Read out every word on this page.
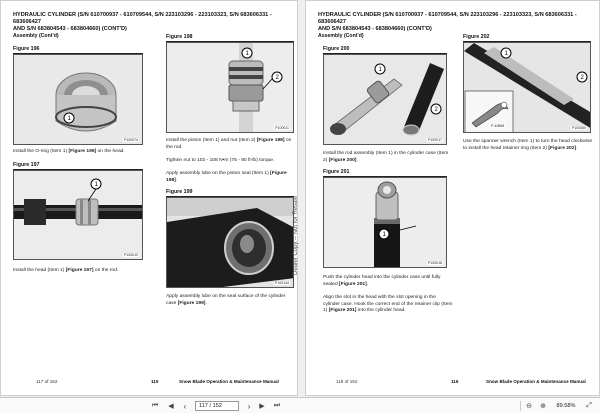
HYDRAULIC CYLINDER (S/N 610700937 - 610709544, S/N 223103296 - 223103323, S/N 683606331 - 683606427
AND S/N 683804543 - 683804660) (CONT'D)
Assembly (Cont'd)
Figure 196
1
P100074
Install the O-ring (Item 1) [Figure 196] on the head.
Figure 197
1
P100010
Install the head (Item 1) [Figure 197] on the rod.
Figure 198
1
2
P100011
Install the piston (Item 1) and nut (Item 2) [Figure 198] on the rod.
Tighten nut to 102 - 108 N•m (75 - 80 ft-lb) torque.
Apply assembly lube on the piston seal (Item 1) [Figure 198].
Figure 199
P100144
Apply assembly lube on the seal surface of the cylinder case [Figure 199].
117 of 152	115	Snow Blade Operation & Maintenance Manual
Dealer Copy -- Not for Resale
HYDRAULIC CYLINDER (S/N 610700937 - 610709544, S/N 223103296 - 223103323, S/N 683606331 - 683606427
AND S/N 683804543 - 683804660) (CONT'D)
Assembly (Cont'd)
Figure 200
1
2
P100017
Install the rod assembly (Item 1) in the cylinder case (Item 2) [Figure 200].
Figure 201
1
P100018
Push the cylinder head into the cylinder case until fully seated [Figure 201].
Align the slot in the head with the slot opening in the cylinder case. Hook the correct end of the retainer clip (Item 1) [Figure 201] into the cylinder head.
Figure 202
1
2
P-40869	P100060
Use the spanner wrench (Item 1) to turn the head clockwise to install the head retainer ring (Item 2) [Figure 202].
118 of 152	116	Snow Blade Operation & Maintenance Manual
⏮	◀	‹	117 / 152	›	▶	⏭	⊖ ⊕	89.58%	⤢
